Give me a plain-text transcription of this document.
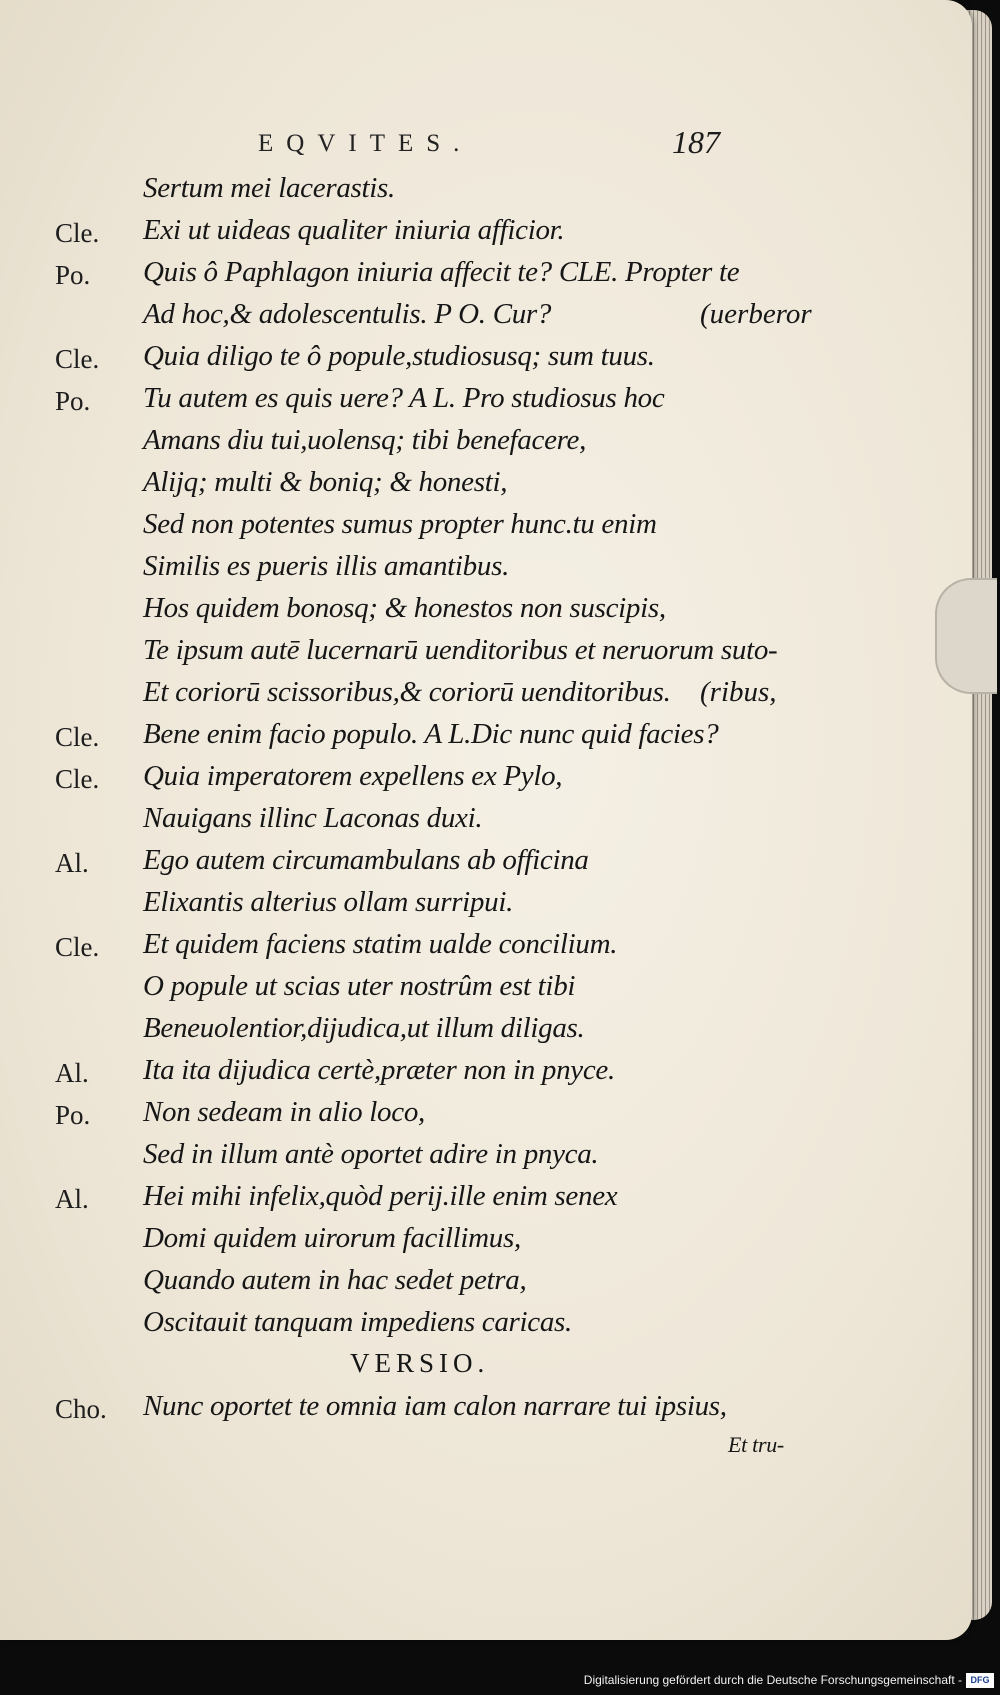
EQVITES.	187
Sertum mei lacerastis.
Cle. Exi ut uideas qualiter iniuria afficior.
Po. Quis ô Paphlagon iniuria affecit te? CLE. Propter te
Ad hoc,& adolescentulis. P O. Cur?	(uerberor
Cle. Quia diligo te ô popule,studiosusq; sum tuus.
Po. Tu autem es quis uere? A L. Pro studiosus hoc
Amans diu tui,uolensq; tibi benefacere,
Alijq; multi & boniq; & honesti,
Sed non potentes sumus propter hunc.tu enim
Similis es pueris illis amantibus.
Hos quidem bonosq; & honestos non suscipis,
Te ipsum autē lucernarū uenditoribus et neruorum suto-
Et coriorū scissoribus,& coriorū uenditoribus. (ribus,
Cle. Bene enim facio populo. A L.Dic nunc quid facies?
Cle. Quia imperatorem expellens ex Pylo,
Nauigans illinc Laconas duxi.
Al. Ego autem circumambulans ab officina
Elixantis alterius ollam surripui.
Cle. Et quidem faciens statim ualde concilium.
O popule ut scias uter nostrûm est tibi
Beneuolentior,dijudica,ut illum diligas.
Al. Ita ita dijudica certè,præter non in pnyce.
Po. Non sedeam in alio loco,
Sed in illum antè oportet adire in pnyca.
Al. Hei mihi infelix,quòd perij.ille enim senex
Domi quidem uirorum facillimus,
Quando autem in hac sedet petra,
Oscitauit tanquam impediens caricas.
VERSIO.
Cho. Nunc oportet te omnia iam calon narrare tui ipsius,
Et tru-
Digitalisierung gefördert durch die Deutsche Forschungsgemeinschaft - DFG
